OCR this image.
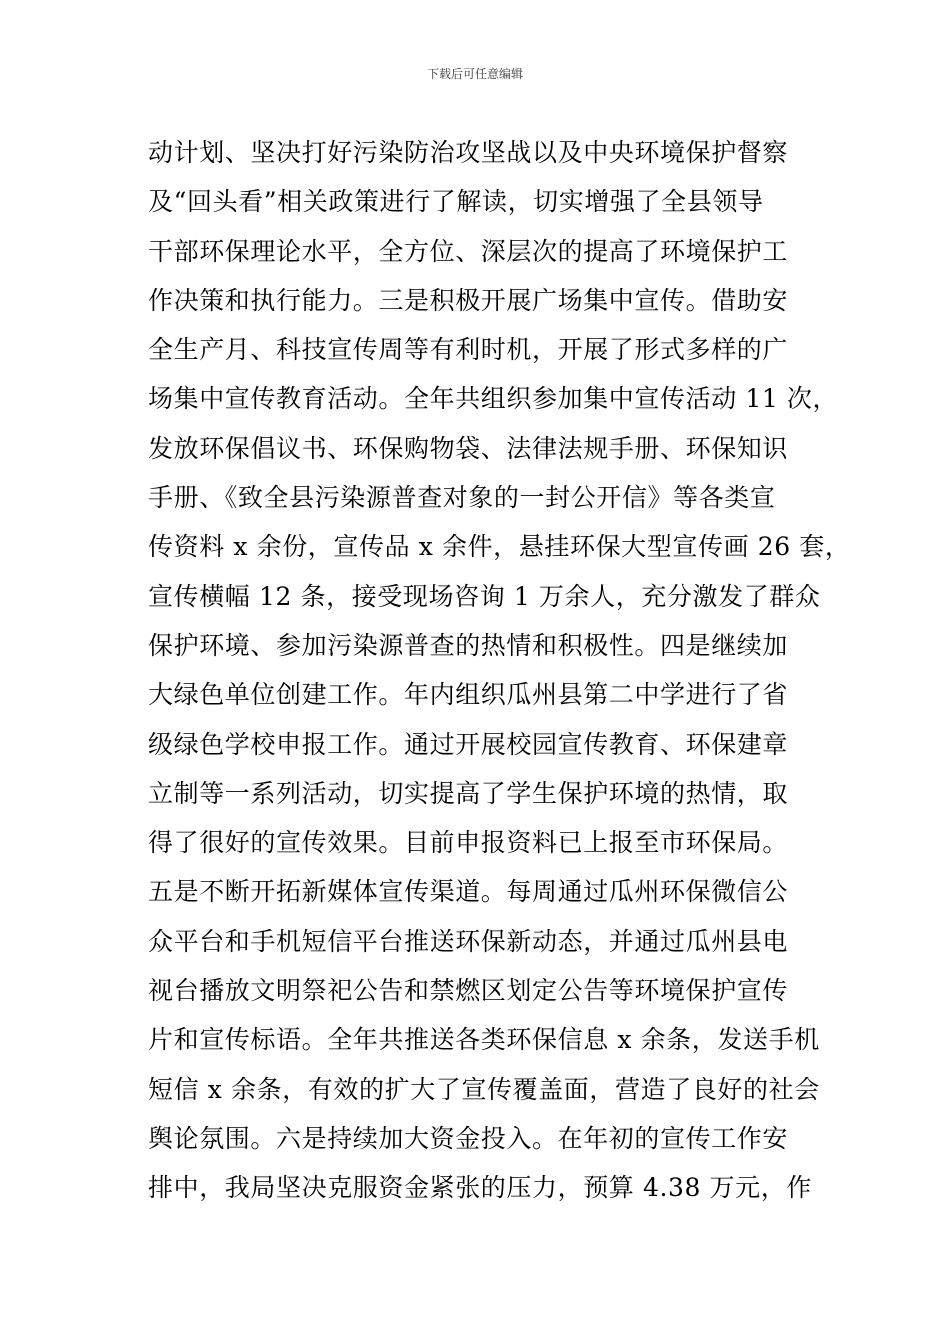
下载后可任意编辑
动计划、坚决打好污染防治攻坚战以及中央环境保护督察
及“回头看”相关政策进行了解读，切实增强了全县领导
干部环保理论水平，全方位、深层次的提高了环境保护工
作决策和执行能力。三是积极开展广场集中宣传。借助安
全生产月、科技宣传周等有利时机，开展了形式多样的广
场集中宣传教育活动。全年共组织参加集中宣传活动 11 次，
发放环保倡议书、环保购物袋、法律法规手册、环保知识
手册、《致全县污染源普查对象的一封公开信》等各类宣
传资料 x 余份，宣传品 x 余件，悬挂环保大型宣传画 26 套，
宣传横幅 12 条，接受现场咨询 1 万余人，充分激发了群众
保护环境、参加污染源普查的热情和积极性。四是继续加
大绿色单位创建工作。年内组织瓜州县第二中学进行了省
级绿色学校申报工作。通过开展校园宣传教育、环保建章
立制等一系列活动，切实提高了学生保护环境的热情，取
得了很好的宣传效果。目前申报资料已上报至市环保局。
五是不断开拓新媒体宣传渠道。每周通过瓜州环保微信公
众平台和手机短信平台推送环保新动态，并通过瓜州县电
视台播放文明祭祀公告和禁燃区划定公告等环境保护宣传
片和宣传标语。全年共推送各类环保信息 x 余条，发送手机
短信 x 余条，有效的扩大了宣传覆盖面，营造了良好的社会
舆论氛围。六是持续加大资金投入。在年初的宣传工作安
排中，我局坚决克服资金紧张的压力，预算 4.38 万元，作
